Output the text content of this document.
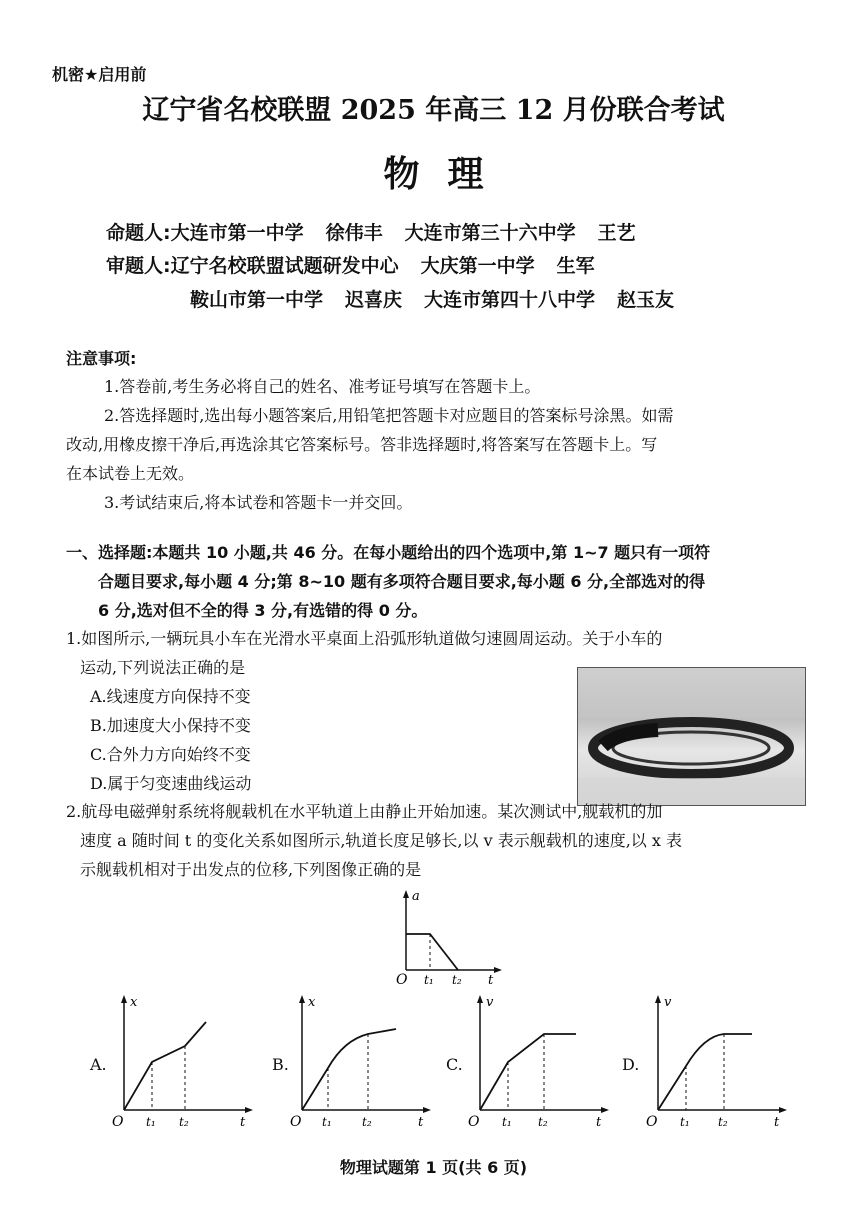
机密★启用前
辽宁省名校联盟 2025 年高三 12 月份联合考试
物理
命题人:大连市第一中学 徐伟丰 大连市第三十六中学 王艺
审题人:辽宁名校联盟试题研发中心 大庆第一中学 生军
鞍山市第一中学 迟喜庆 大连市第四十八中学 赵玉友
注意事项:
1.答卷前,考生务必将自己的姓名、准考证号填写在答题卡上。
2.答选择题时,选出每小题答案后,用铅笔把答题卡对应题目的答案标号涂黑。如需
改动,用橡皮擦干净后,再选涂其它答案标号。答非选择题时,将答案写在答题卡上。写
在本试卷上无效。
3.考试结束后,将本试卷和答题卡一并交回。
一、选择题:本题共 10 小题,共 46 分。在每小题给出的四个选项中,第 1~7 题只有一项符
合题目要求,每小题 4 分;第 8~10 题有多项符合题目要求,每小题 6 分,全部选对的得
6 分,选对但不全的得 3 分,有选错的得 0 分。
1.如图所示,一辆玩具小车在光滑水平桌面上沿弧形轨道做匀速圆周运动。关于小车的
运动,下列说法正确的是
A.线速度方向保持不变
B.加速度大小保持不变
C.合外力方向始终不变
D.属于匀变速曲线运动
2.航母电磁弹射系统将舰载机在水平轨道上由静止开始加速。某次测试中,舰载机的加
速度 a 随时间 t 的变化关系如图所示,轨道长度足够长,以 v 表示舰载机的速度,以 x 表
示舰载机相对于出发点的位移,下列图像正确的是
a
O t₁ t₂ t
A.
x
O t₁ t₂	t
B.
x
O t₁	t₂	t
C.
v
O t₁ t₂	t
D.
v
O t₁ t₂	t
物理试题第 1 页(共 6 页)
